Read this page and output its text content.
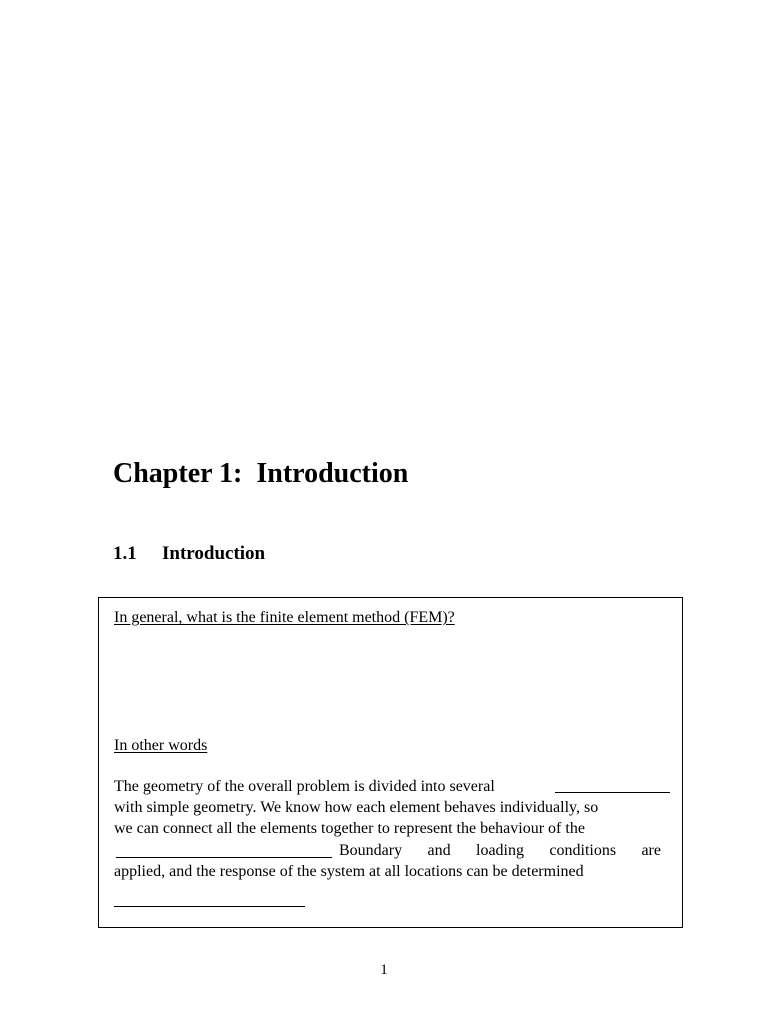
Chapter 1:  Introduction
1.1	Introduction
In general, what is the finite element method (FEM)?
In other words
The geometry of the overall problem is divided into several
with simple geometry. We know how each element behaves individually, so
we can connect all the elements together to represent the behaviour of the
Boundary and loading conditions are
applied, and the response of the system at all locations can be determined
1
